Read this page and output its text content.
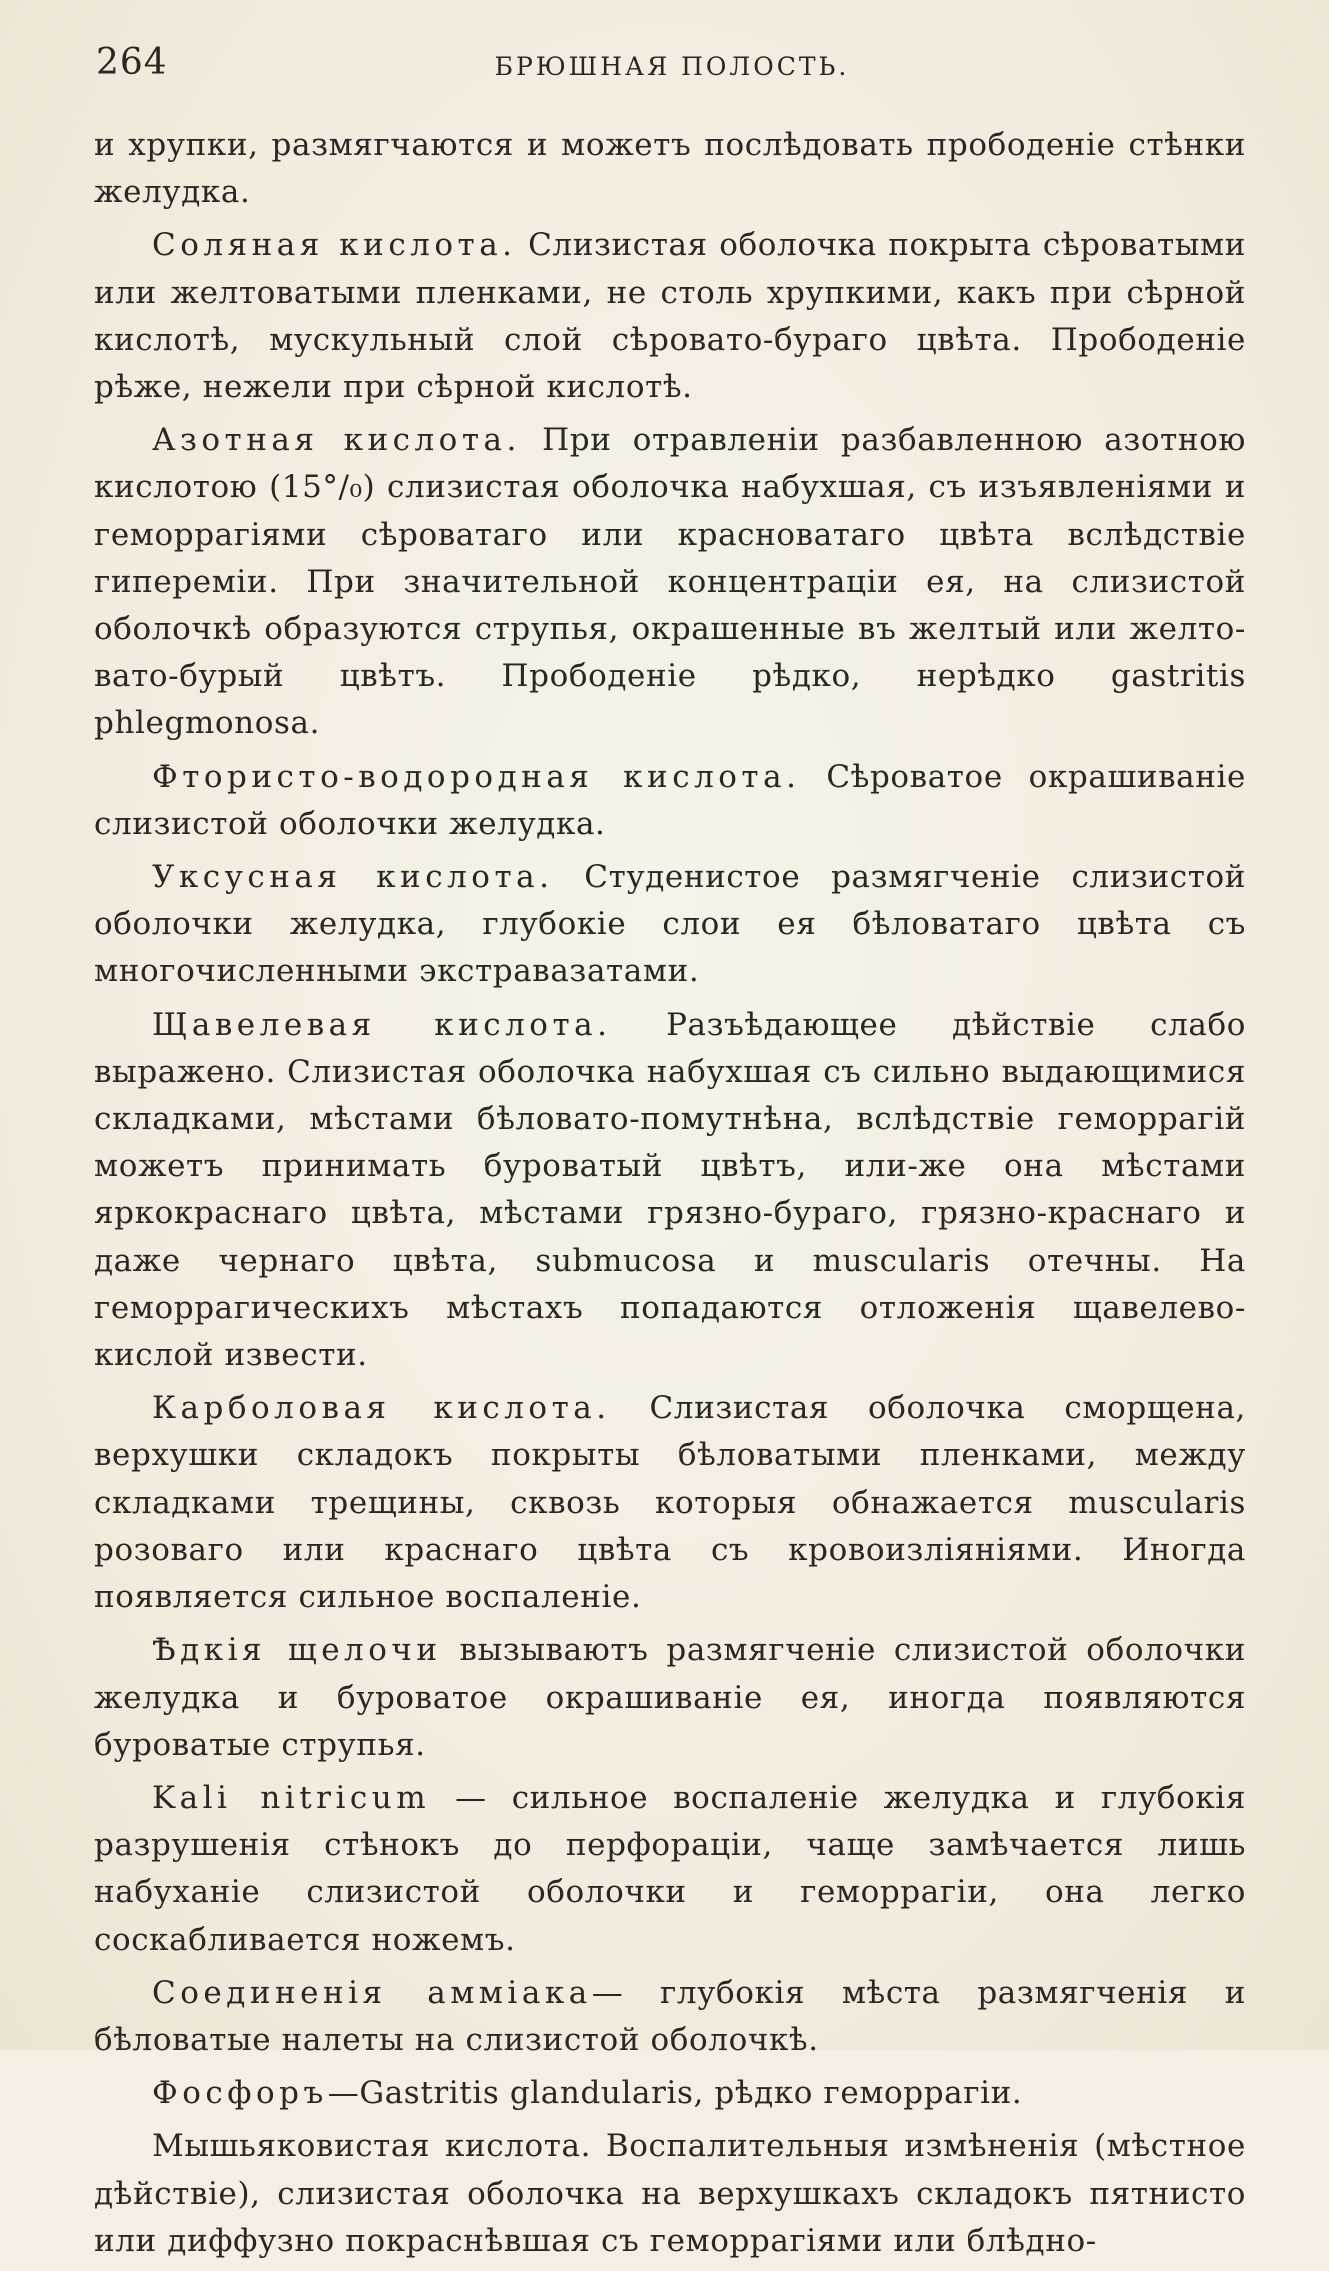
264	БРЮШНАЯ ПОЛОСТЬ.

и хрупки, размягчаются и можетъ послѣдовать прободенiе стѣнки желудка.

Соляная кислота. Слизистая оболочка покрыта сѣроватыми или желтоватыми пленками, не столь хрупкими, какъ при сѣрной кислотѣ, мускульный слой сѣровато-бураго цвѣта. Прободенiе рѣже, нежели при сѣрной кислотѣ.

Азотная кислота. При отравленiи разбавленною азотною кислотою (15°/₀) слизистая оболочка набухшая, съ изъявленiями и геморрагiями сѣроватаго или красноватаго цвѣта вслѣдствiе гиперемiи. При значительной концентрацiи ея, на слизистой оболочкѣ образуются струпья, окрашенные въ желтый или желто-вато-бурый цвѣтъ. Прободенiе рѣдко, нерѣдко gastritis phlegmonosa.

Фтористо-водородная кислота. Сѣроватое окрашиванiе слизистой оболочки желудка.

Уксусная кислота. Студенистое размягченiе слизистой оболочки желудка, глубокiе слои ея бѣловатаго цвѣта съ многочисленными экстравазатами.

Щавелевая кислота. Разъѣдающее дѣйствiе слабо выражено. Слизистая оболочка набухшая съ сильно выдающимися складками, мѣстами бѣловато-помутнѣна, вслѣдствiе геморрагiй можетъ принимать буроватый цвѣтъ, или-же она мѣстами яркокраснаго цвѣта, мѣстами грязно-бураго, грязно-краснаго и даже чернаго цвѣта, submucosa и muscularis отечны. На геморрагическихъ мѣстахъ попадаются отложенiя щавелево-кислой извести.

Карболовая кислота. Слизистая оболочка сморщена, верхушки складокъ покрыты бѣловатыми пленками, между складками трещины, сквозь которыя обнажается muscularis розоваго или краснаго цвѣта съ кровоизлiянiями. Иногда появляется сильное воспаленiе.

Ѣдкiя щелочи вызываютъ размягченiе слизистой оболочки желудка и буроватое окрашиванiе ея, иногда появляются буроватые струпья.

Kali nitricum — сильное воспаленiе желудка и глубокiя разрушенiя стѣнокъ до перфорацiи, чаще замѣчается лишь набуханiе слизистой оболочки и геморрагiи, она легко соскабливается ножемъ.

Соединенiя амміака— глубокiя мѣста размягченiя и бѣловатые налеты на слизистой оболочкѣ.

Фосфоръ—Gastritis glandularis, рѣдко геморрагiи.

Мышьяковистая кислота. Воспалительныя измѣненiя (мѣстное дѣйствiе), слизистая оболочка на верхушкахъ складокъ пятнисто или диффузно покраснѣвшая съ геморрагiями или блѣдно-
